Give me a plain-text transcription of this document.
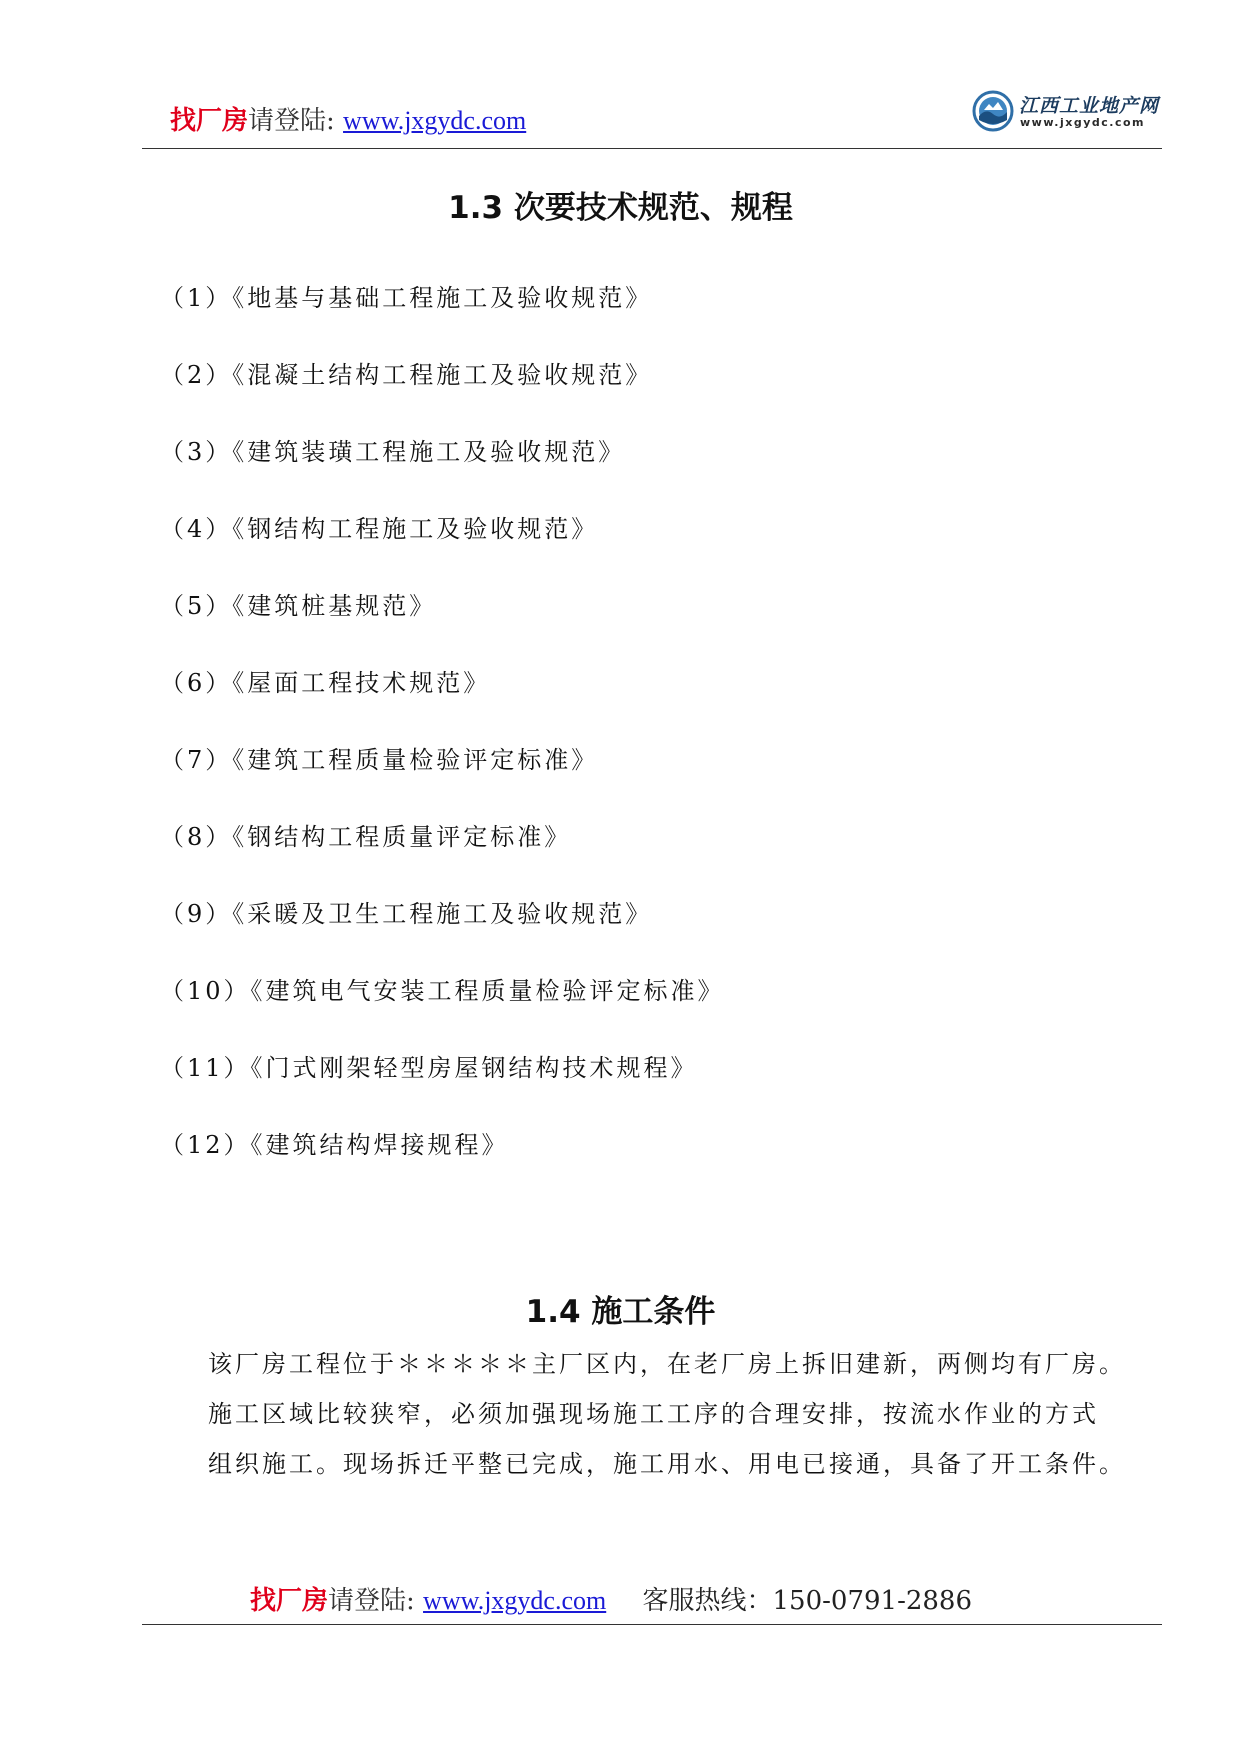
找厂房请登陆: www.jxgydc.com	江西工业地产网
www.jxgydc.com
1.3 次要技术规范、规程
（1）《地基与基础工程施工及验收规范》
（2）《混凝土结构工程施工及验收规范》
（3）《建筑装璜工程施工及验收规范》
（4）《钢结构工程施工及验收规范》
（5）《建筑桩基规范》
（6）《屋面工程技术规范》
（7）《建筑工程质量检验评定标准》
（8）《钢结构工程质量评定标准》
（9）《采暖及卫生工程施工及验收规范》
（10）《建筑电气安装工程质量检验评定标准》
（11）《门式刚架轻型房屋钢结构技术规程》
（12）《建筑结构焊接规程》
1.4 施工条件
该厂房工程位于＊＊＊＊＊主厂区内，在老厂房上拆旧建新，两侧均有厂房。
施工区域比较狭窄，必须加强现场施工工序的合理安排，按流水作业的方式
组织施工。现场拆迁平整已完成，施工用水、用电已接通，具备了开工条件。
找厂房请登陆: www.jxgydc.com 客服热线：150-0791-2886
